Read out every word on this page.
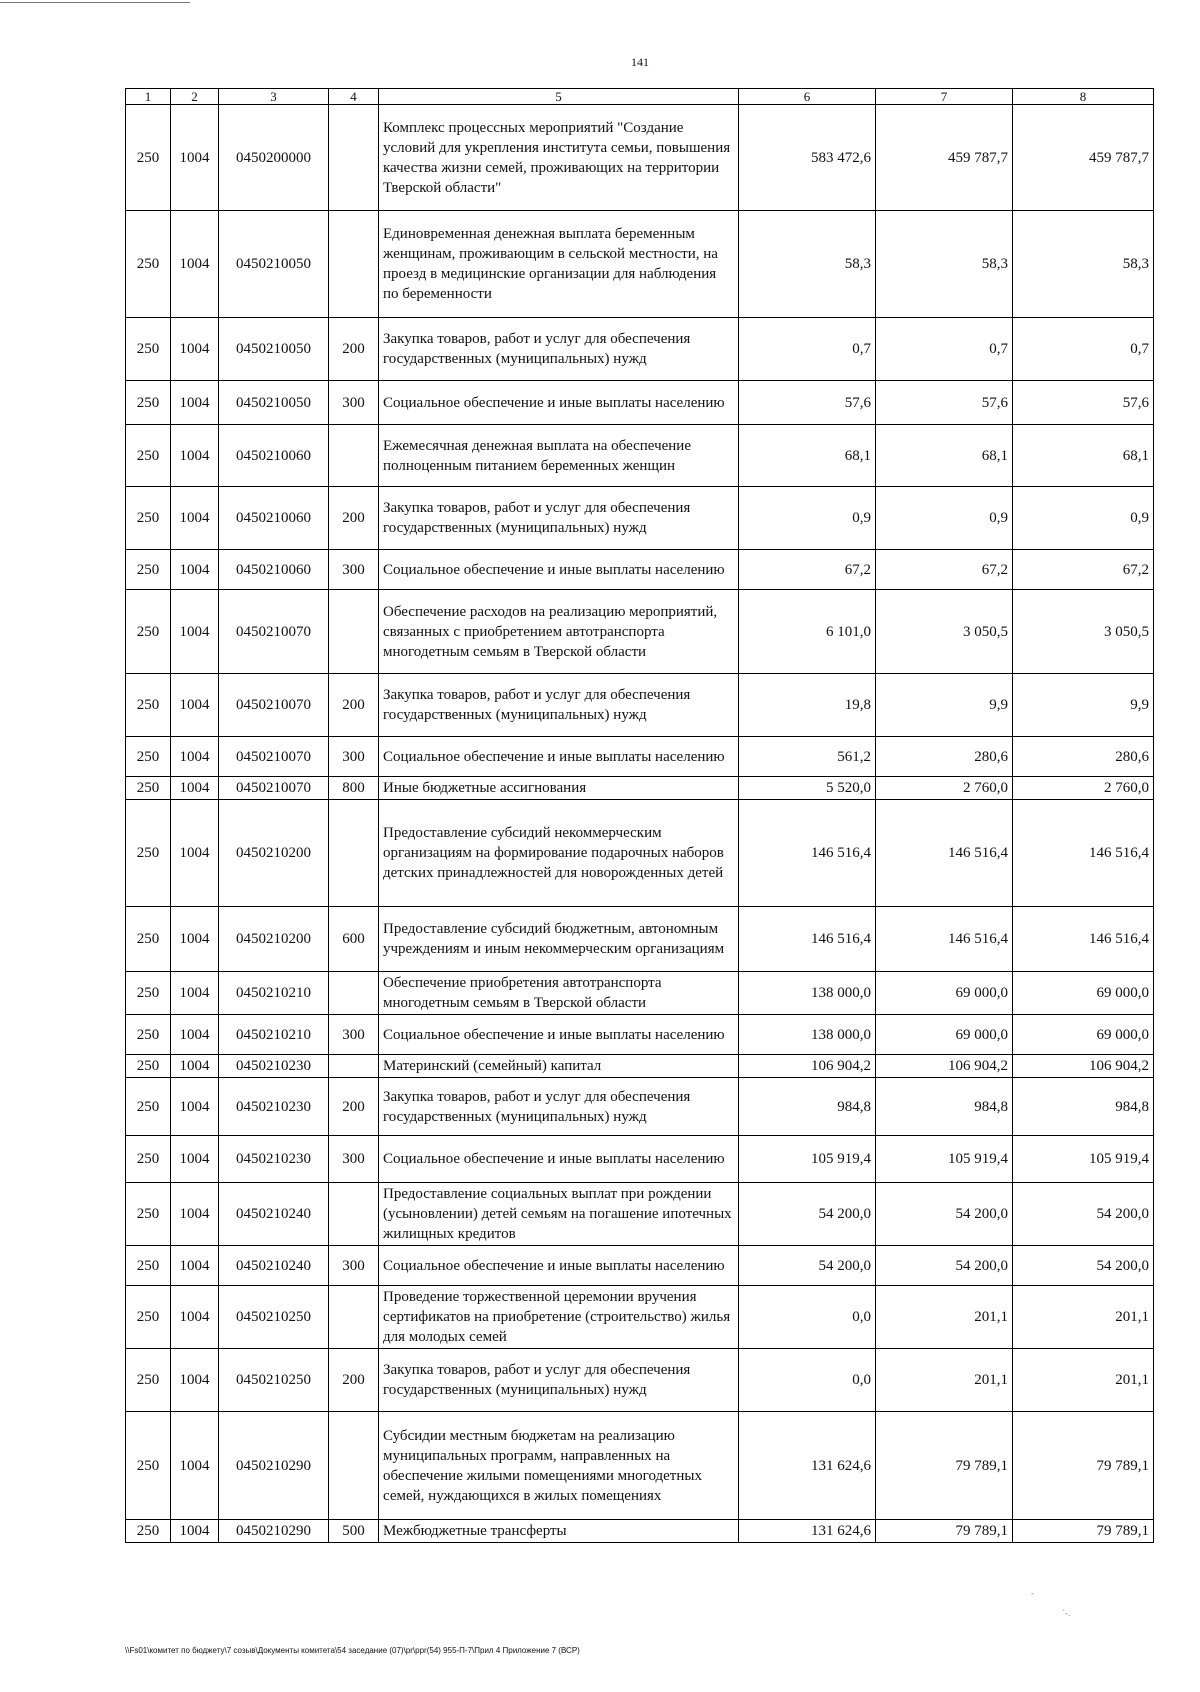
141
1	2	3	4	5	6	7	8
250	1004	0450200000		Комплекс процессных мероприятий "Создание условий для укрепления института семьи, повышения качества жизни семей, проживающих на территории Тверской области"	583 472,6	459 787,7	459 787,7
250	1004	0450210050		Единовременная денежная выплата беременным женщинам, проживающим в сельской местности, на проезд в медицинские организации для наблюдения по беременности	58,3	58,3	58,3
250	1004	0450210050	200	Закупка товаров, работ и услуг для обеспечения государственных (муниципальных) нужд	0,7	0,7	0,7
250	1004	0450210050	300	Социальное обеспечение и иные выплаты населению	57,6	57,6	57,6
250	1004	0450210060		Ежемесячная денежная выплата на обеспечение полноценным питанием беременных женщин	68,1	68,1	68,1
250	1004	0450210060	200	Закупка товаров, работ и услуг для обеспечения государственных (муниципальных) нужд	0,9	0,9	0,9
250	1004	0450210060	300	Социальное обеспечение и иные выплаты населению	67,2	67,2	67,2
250	1004	0450210070		Обеспечение расходов на реализацию мероприятий, связанных с приобретением автотранспорта многодетным семьям в Тверской области	6 101,0	3 050,5	3 050,5
250	1004	0450210070	200	Закупка товаров, работ и услуг для обеспечения государственных (муниципальных) нужд	19,8	9,9	9,9
250	1004	0450210070	300	Социальное обеспечение и иные выплаты населению	561,2	280,6	280,6
250	1004	0450210070	800	Иные бюджетные ассигнования	5 520,0	2 760,0	2 760,0
250	1004	0450210200		Предоставление субсидий некоммерческим организациям на формирование подарочных наборов детских принадлежностей для новорожденных детей	146 516,4	146 516,4	146 516,4
250	1004	0450210200	600	Предоставление субсидий бюджетным, автономным учреждениям и иным некоммерческим организациям	146 516,4	146 516,4	146 516,4
250	1004	0450210210		Обеспечение приобретения автотранспорта многодетным семьям в Тверской области	138 000,0	69 000,0	69 000,0
250	1004	0450210210	300	Социальное обеспечение и иные выплаты населению	138 000,0	69 000,0	69 000,0
250	1004	0450210230		Материнский (семейный) капитал	106 904,2	106 904,2	106 904,2
250	1004	0450210230	200	Закупка товаров, работ и услуг для обеспечения государственных (муниципальных) нужд	984,8	984,8	984,8
250	1004	0450210230	300	Социальное обеспечение и иные выплаты населению	105 919,4	105 919,4	105 919,4
250	1004	0450210240		Предоставление социальных выплат при рождении (усыновлении) детей семьям на погашение ипотечных жилищных кредитов	54 200,0	54 200,0	54 200,0
250	1004	0450210240	300	Социальное обеспечение и иные выплаты населению	54 200,0	54 200,0	54 200,0
250	1004	0450210250		Проведение торжественной церемонии вручения сертификатов на приобретение (строительство) жилья для молодых семей	0,0	201,1	201,1
250	1004	0450210250	200	Закупка товаров, работ и услуг для обеспечения государственных (муниципальных) нужд	0,0	201,1	201,1
250	1004	0450210290		Субсидии местным бюджетам на реализацию муниципальных программ, направленных на обеспечение жилыми помещениями многодетных семей, нуждающихся в жилых помещениях	131 624,6	79 789,1	79 789,1
250	1004	0450210290	500	Межбюджетные трансферты	131 624,6	79 789,1	79 789,1
\\Fs01\комитет по бюджету\7 созыв\Документы комитета\54 заседание (07)\pr\ppr(54) 955-П-7\Прил 4 Приложение 7 (ВСР)
-
`-.
